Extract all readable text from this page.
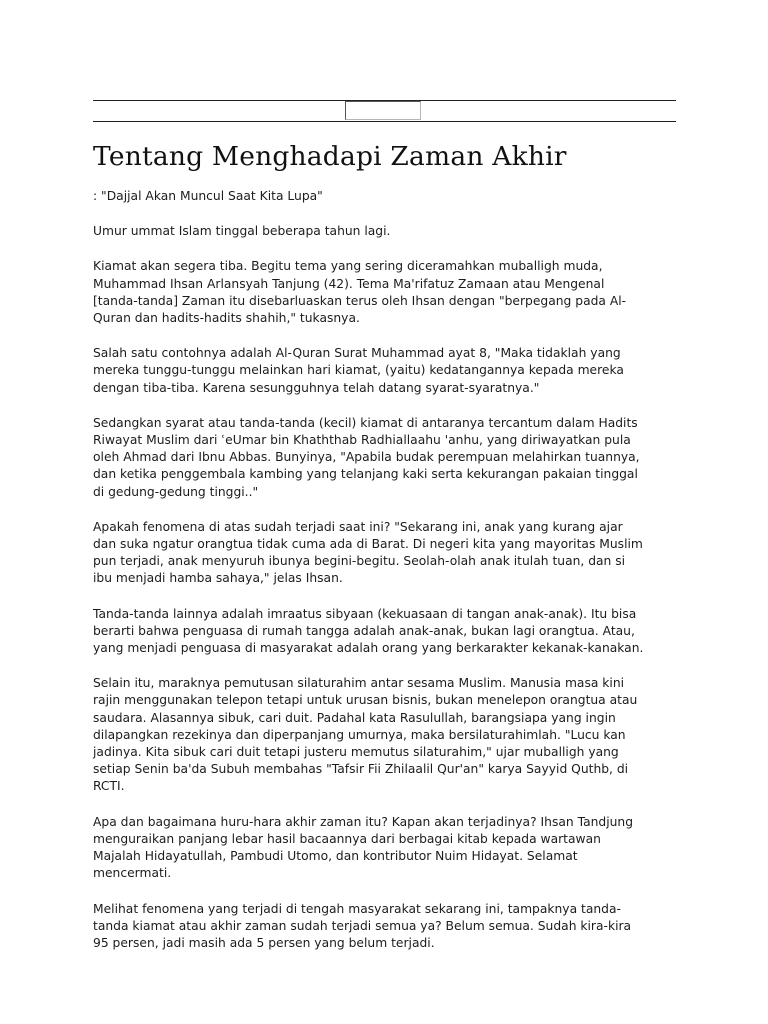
Tentang Menghadapi Zaman Akhir

: "Dajjal Akan Muncul Saat Kita Lupa"

Umur ummat Islam tinggal beberapa tahun lagi.

Kiamat akan segera tiba. Begitu tema yang sering diceramahkan muballigh muda,
Muhammad Ihsan Arlansyah Tanjung (42). Tema Ma'rifatuz Zamaan atau Mengenal
[tanda-tanda] Zaman itu disebarluaskan terus oleh Ihsan dengan "berpegang pada Al-
Quran dan hadits-hadits shahih," tukasnya.

Salah satu contohnya adalah Al-Quran Surat Muhammad ayat 8, "Maka tidaklah yang
mereka tunggu-tunggu melainkan hari kiamat, (yaitu) kedatangannya kepada mereka
dengan tiba-tiba. Karena sesungguhnya telah datang syarat-syaratnya."

Sedangkan syarat atau tanda-tanda (kecil) kiamat di antaranya tercantum dalam Hadits
Riwayat Muslim dari ʿeUmar bin Khaththab Radhiallaahu 'anhu, yang diriwayatkan pula
oleh Ahmad dari Ibnu Abbas. Bunyinya, "Apabila budak perempuan melahirkan tuannya,
dan ketika penggembala kambing yang telanjang kaki serta kekurangan pakaian tinggal
di gedung-gedung tinggi.."

Apakah fenomena di atas sudah terjadi saat ini? "Sekarang ini, anak yang kurang ajar
dan suka ngatur orangtua tidak cuma ada di Barat. Di negeri kita yang mayoritas Muslim
pun terjadi, anak menyuruh ibunya begini-begitu. Seolah-olah anak itulah tuan, dan si
ibu menjadi hamba sahaya," jelas Ihsan.

Tanda-tanda lainnya adalah imraatus sibyaan (kekuasaan di tangan anak-anak). Itu bisa
berarti bahwa penguasa di rumah tangga adalah anak-anak, bukan lagi orangtua. Atau,
yang menjadi penguasa di masyarakat adalah orang yang berkarakter kekanak-kanakan.

Selain itu, maraknya pemutusan silaturahim antar sesama Muslim. Manusia masa kini
rajin menggunakan telepon tetapi untuk urusan bisnis, bukan menelepon orangtua atau
saudara. Alasannya sibuk, cari duit. Padahal kata Rasulullah, barangsiapa yang ingin
dilapangkan rezekinya dan diperpanjang umurnya, maka bersilaturahimlah. "Lucu kan
jadinya. Kita sibuk cari duit tetapi justeru memutus silaturahim," ujar muballigh yang
setiap Senin ba'da Subuh membahas "Tafsir Fii Zhilaalil Qur'an" karya Sayyid Quthb, di
RCTI.

Apa dan bagaimana huru-hara akhir zaman itu? Kapan akan terjadinya? Ihsan Tandjung
menguraikan panjang lebar hasil bacaannya dari berbagai kitab kepada wartawan
Majalah Hidayatullah, Pambudi Utomo, dan kontributor Nuim Hidayat. Selamat
mencermati.

Melihat fenomena yang terjadi di tengah masyarakat sekarang ini, tampaknya tanda-
tanda kiamat atau akhir zaman sudah terjadi semua ya? Belum semua. Sudah kira-kira
95 persen, jadi masih ada 5 persen yang belum terjadi.
